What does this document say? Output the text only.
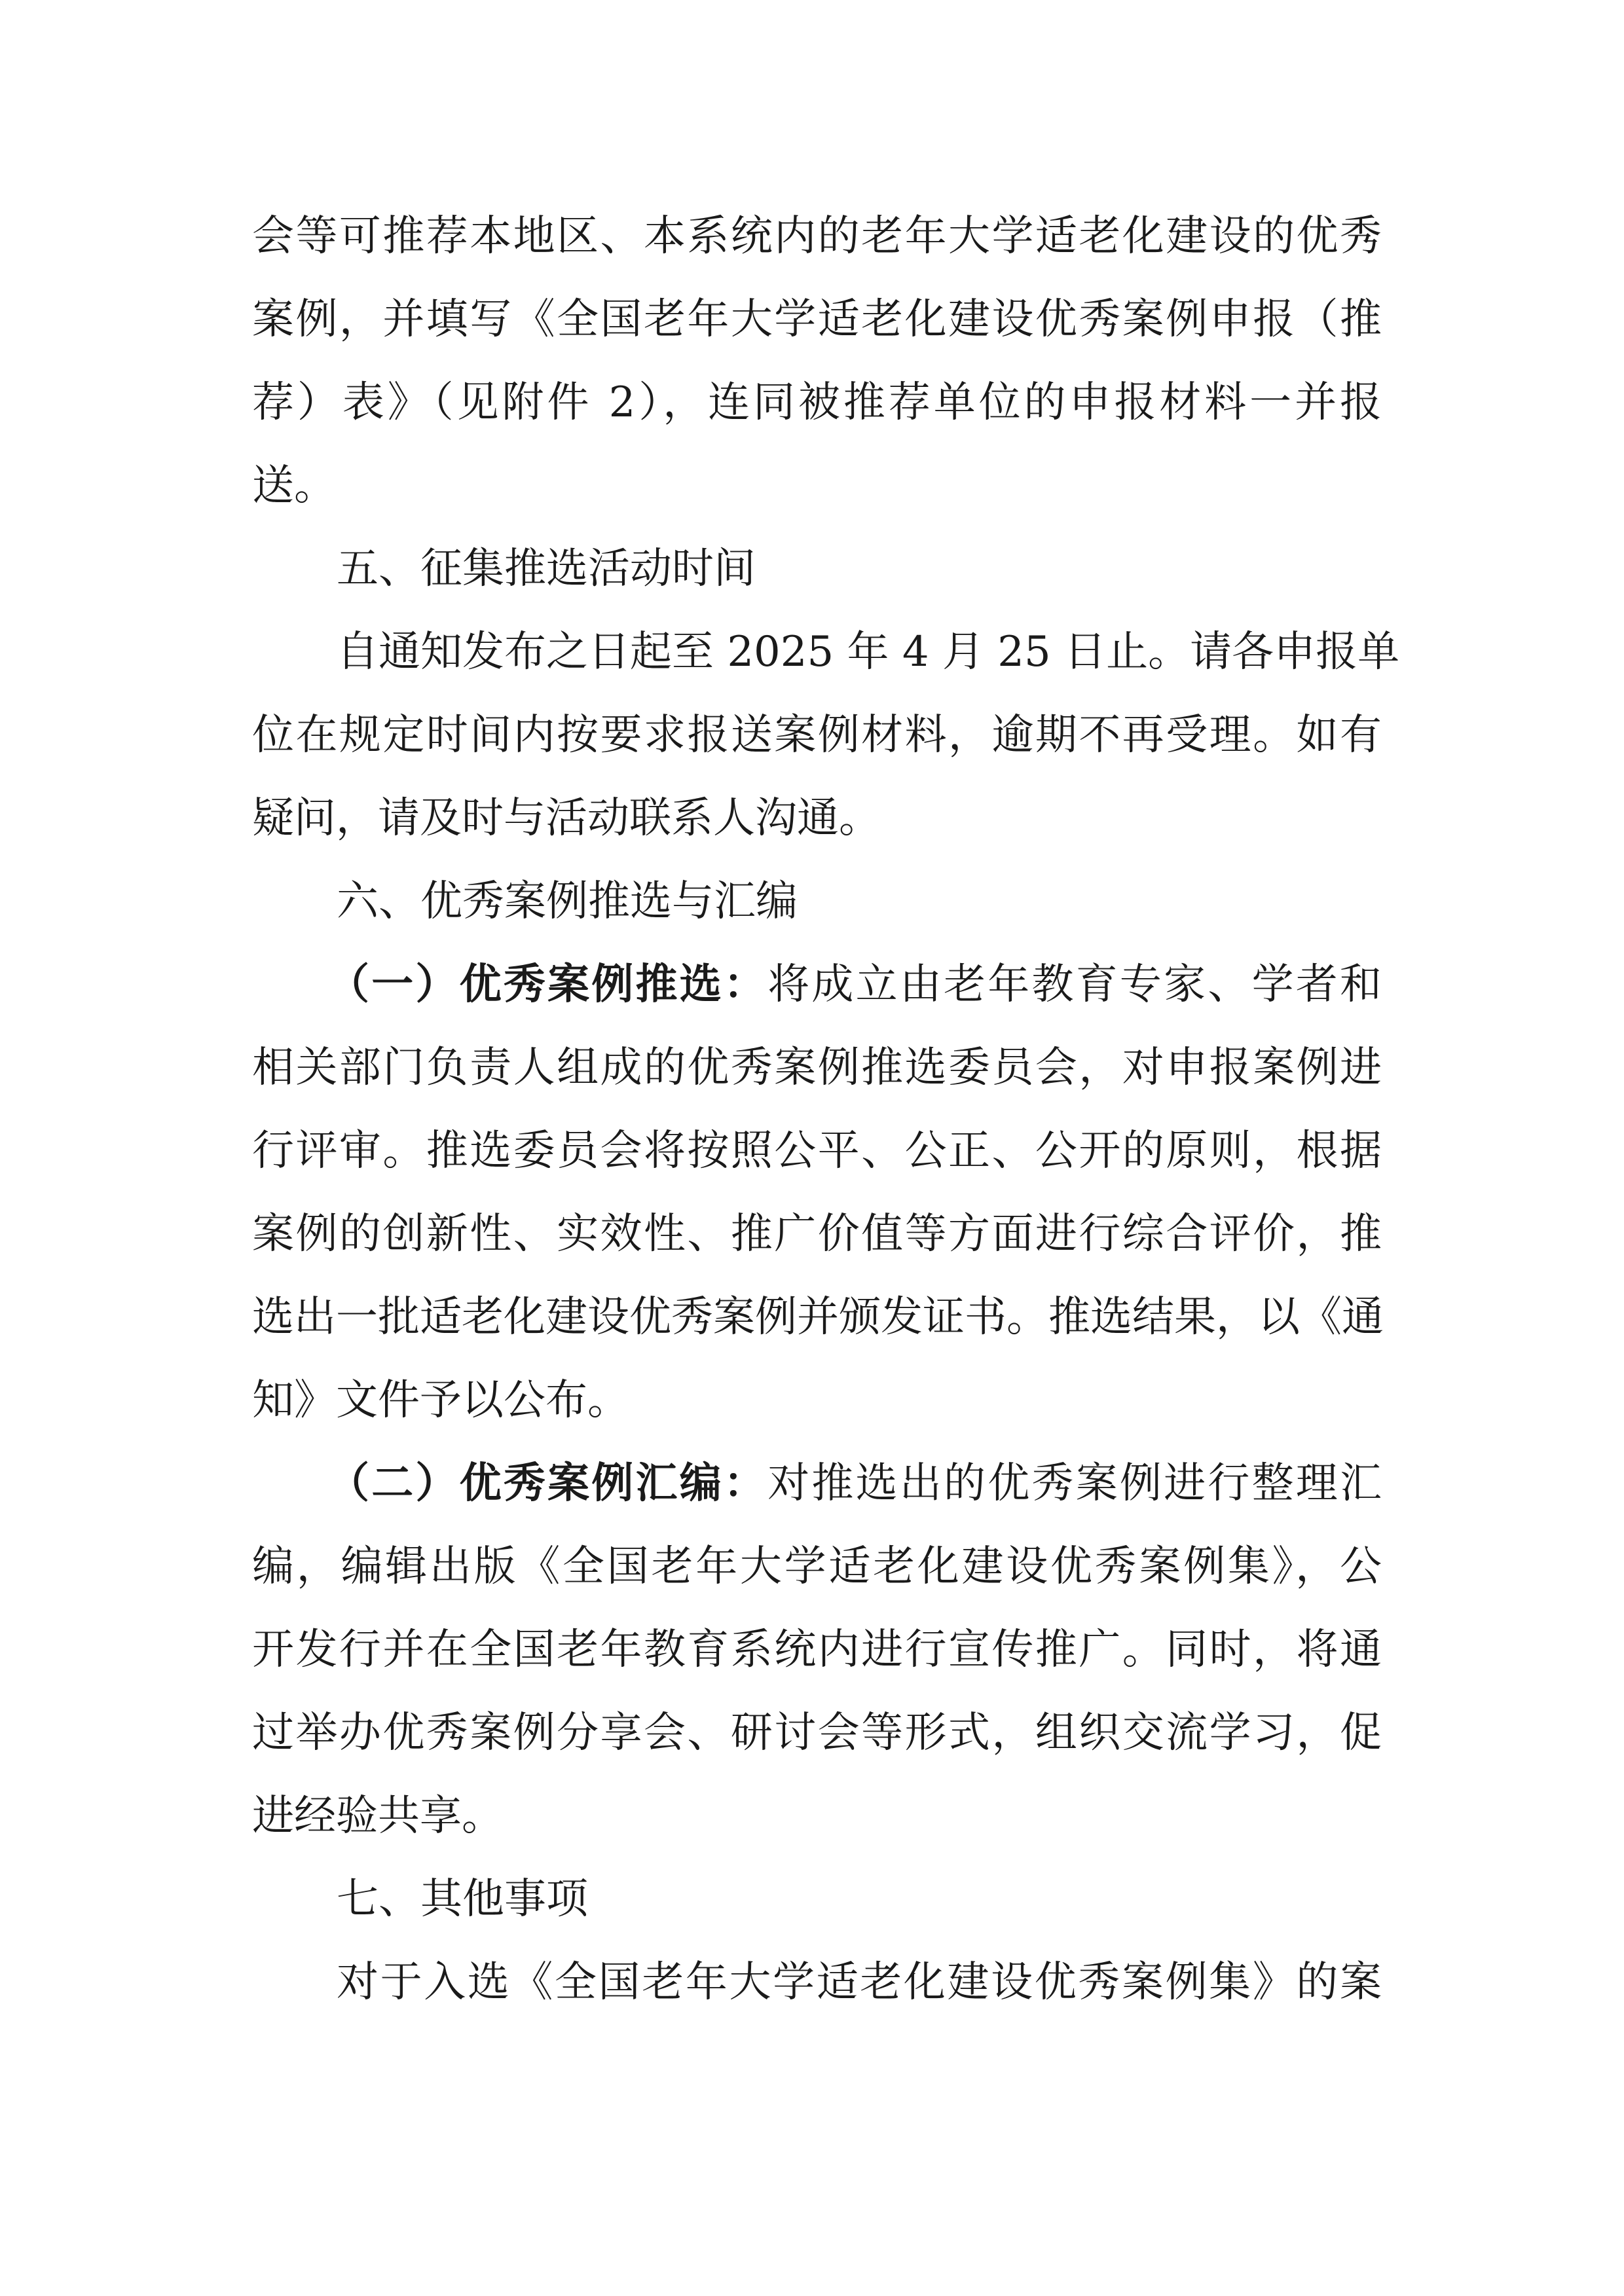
会等可推荐本地区、本系统内的老年大学适老化建设的优秀
案例，并填写《全国老年大学适老化建设优秀案例申报（推
荐）表》（见附件 2），连同被推荐单位的申报材料一并报
送。
五、征集推选活动时间
自通知发布之日起至 2025 年 4 月 25 日止。请各申报单
位在规定时间内按要求报送案例材料，逾期不再受理。如有
疑问，请及时与活动联系人沟通。
六、优秀案例推选与汇编
（一）优秀案例推选：将成立由老年教育专家、学者和
相关部门负责人组成的优秀案例推选委员会，对申报案例进
行评审。推选委员会将按照公平、公正、公开的原则，根据
案例的创新性、实效性、推广价值等方面进行综合评价，推
选出一批适老化建设优秀案例并颁发证书。推选结果，以《通
知》文件予以公布。
（二）优秀案例汇编：对推选出的优秀案例进行整理汇
编，编辑出版《全国老年大学适老化建设优秀案例集》，公
开发行并在全国老年教育系统内进行宣传推广。同时，将通
过举办优秀案例分享会、研讨会等形式，组织交流学习，促
进经验共享。
七、其他事项
对于入选《全国老年大学适老化建设优秀案例集》的案
